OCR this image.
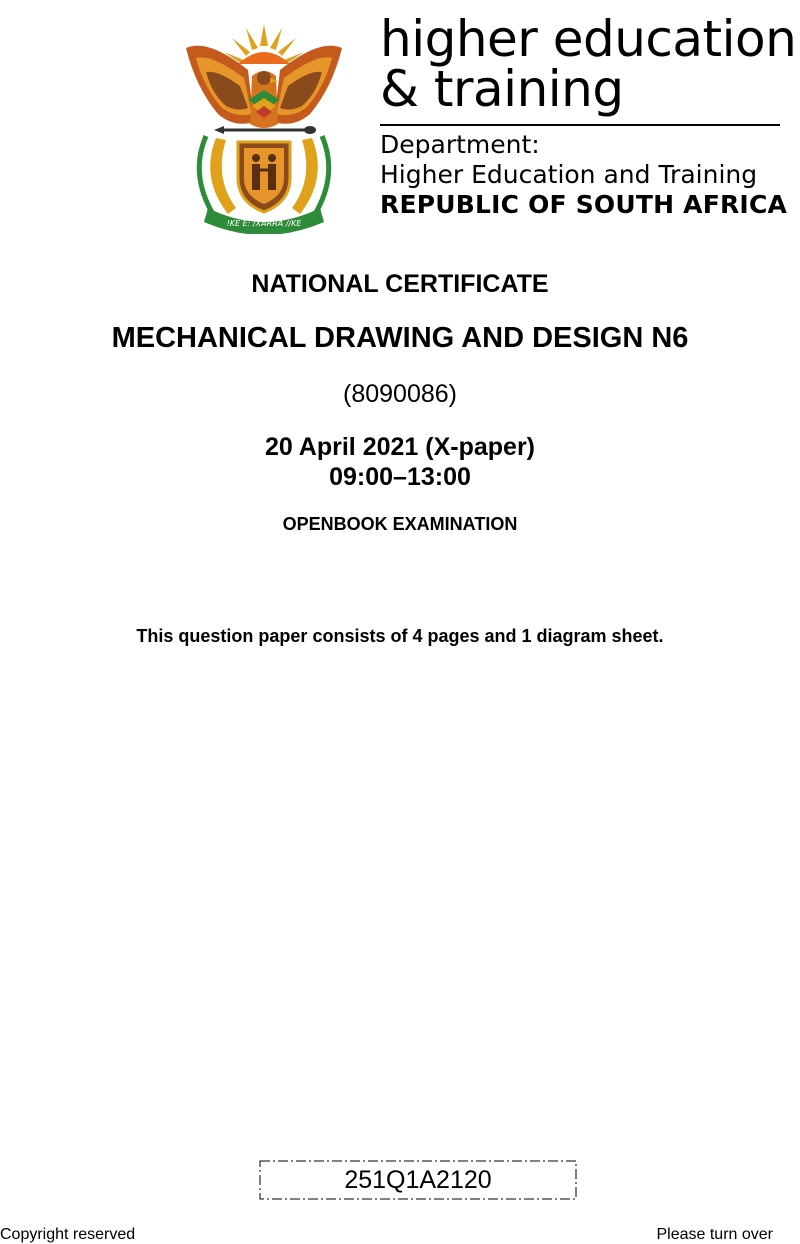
!KE E: /XARRA //KE
higher education
& training
Department:
Higher Education and Training
REPUBLIC OF SOUTH AFRICA
NATIONAL CERTIFICATE
MECHANICAL DRAWING AND DESIGN N6
(8090086)
20 April 2021 (X-paper)
09:00–13:00
OPENBOOK EXAMINATION
This question paper consists of 4 pages and 1 diagram sheet.
251Q1A2120
Copyright reserved	Please turn over
